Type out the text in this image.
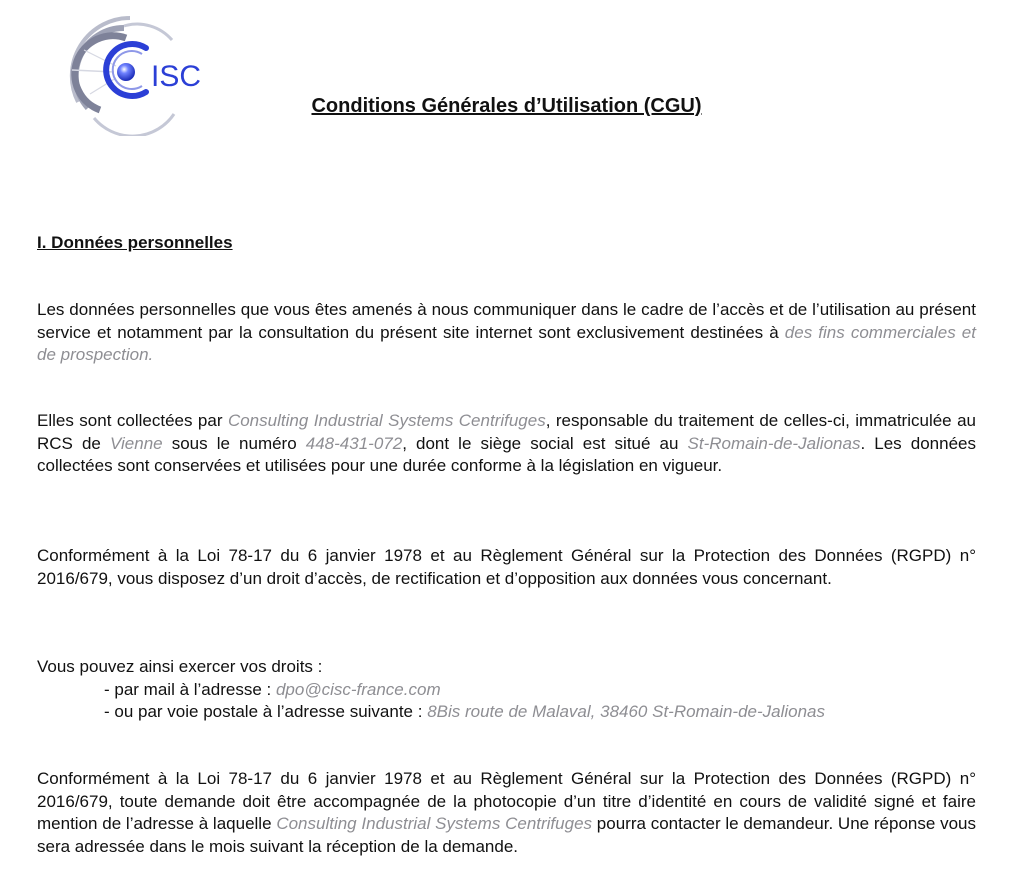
ISC
Conditions Générales d’Utilisation (CGU)
I. Données personnelles

Les données personnelles que vous êtes amenés à nous communiquer dans le cadre de l’accès et de l’utilisation au présent service et notamment par la consultation du présent site internet sont exclusivement destinées à des fins commerciales et de prospection.

Elles sont collectées par Consulting Industrial Systems Centrifuges, responsable du traitement de celles-ci, immatriculée au RCS de Vienne sous le numéro 448-431-072, dont le siège social est situé au St-Romain-de-Jalionas. Les données collectées sont conservées et utilisées pour une durée conforme à la législation en vigueur.

Conformément à la Loi 78-17 du 6 janvier 1978 et au Règlement Général sur la Protection des Données (RGPD) n° 2016/679, vous disposez d’un droit d’accès, de rectification et d’opposition aux données vous concernant.

Vous pouvez ainsi exercer vos droits :
- par mail à l’adresse : dpo@cisc-france.com
- ou par voie postale à l’adresse suivante : 8Bis route de Malaval, 38460 St-Romain-de-Jalionas

Conformément à la Loi 78-17 du 6 janvier 1978 et au Règlement Général sur la Protection des Données (RGPD) n° 2016/679, toute demande doit être accompagnée de la photocopie d’un titre d’identité en cours de validité signé et faire mention de l’adresse à laquelle Consulting Industrial Systems Centrifuges pourra contacter le demandeur. Une réponse vous sera adressée dans le mois suivant la réception de la demande.
